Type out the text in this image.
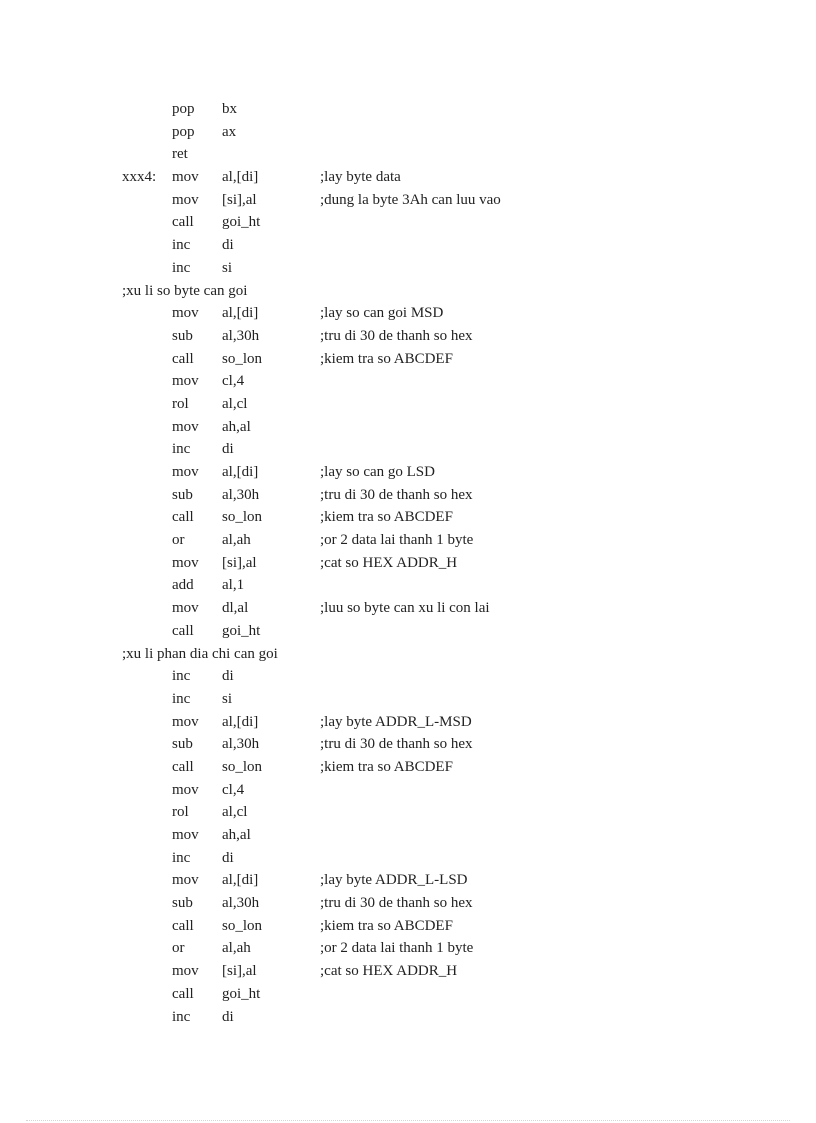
pop bx
pop ax
ret
xxx4: mov al,[di]	;lay byte data
mov [si],al	;dung la byte 3Ah can luu vao
call goi_ht
inc di
inc si
;xu li so byte can goi
mov al,[di]	;lay so can goi MSD
sub al,30h	;tru di 30 de thanh so hex
call so_lon	;kiem tra so ABCDEF
mov cl,4
rol al,cl
mov ah,al
inc di
mov al,[di]	;lay so can go LSD
sub al,30h	;tru di 30 de thanh so hex
call so_lon	;kiem tra so ABCDEF
or	al,ah	;or 2 data lai thanh 1 byte
mov [si],al	;cat so HEX ADDR_H
add al,1
mov dl,al	;luu so byte can xu li con lai
call goi_ht
;xu li phan dia chi can goi
inc di
inc si
mov al,[di]	;lay byte ADDR_L-MSD
sub al,30h	;tru di 30 de thanh so hex
call so_lon	;kiem tra so ABCDEF
mov cl,4
rol al,cl
mov ah,al
inc di
mov al,[di]	;lay byte ADDR_L-LSD
sub al,30h	;tru di 30 de thanh so hex
call so_lon	;kiem tra so ABCDEF
or	al,ah	;or 2 data lai thanh 1 byte
mov [si],al	;cat so HEX ADDR_H
call goi_ht
inc di
